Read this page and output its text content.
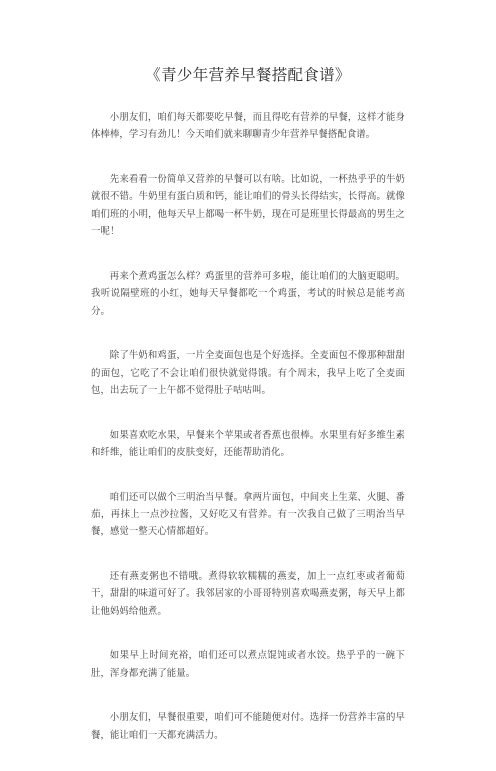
《青少年营养早餐搭配食谱》

小朋友们，咱们每天都要吃早餐，而且得吃有营养的早餐，这样才能身体棒棒，学习有劲儿！今天咱们就来聊聊青少年营养早餐搭配食谱。

先来看看一份简单又营养的早餐可以有啥。比如说，一杯热乎乎的牛奶就很不错。牛奶里有蛋白质和钙，能让咱们的骨头长得结实，长得高。就像咱们班的小明，他每天早上都喝一杯牛奶，现在可是班里长得最高的男生之一呢！

再来个煮鸡蛋怎么样？鸡蛋里的营养可多啦，能让咱们的大脑更聪明。我听说隔壁班的小红，她每天早餐都吃一个鸡蛋，考试的时候总是能考高分。

除了牛奶和鸡蛋，一片全麦面包也是个好选择。全麦面包不像那种甜甜的面包，它吃了不会让咱们很快就觉得饿。有个周末，我早上吃了全麦面包，出去玩了一上午都不觉得肚子咕咕叫。

如果喜欢吃水果，早餐来个苹果或者香蕉也很棒。水果里有好多维生素和纤维，能让咱们的皮肤变好，还能帮助消化。

咱们还可以做个三明治当早餐。拿两片面包，中间夹上生菜、火腿、番茄，再抹上一点沙拉酱，又好吃又有营养。有一次我自己做了三明治当早餐，感觉一整天心情都超好。

还有燕麦粥也不错哦。煮得软软糯糯的燕麦，加上一点红枣或者葡萄干，甜甜的味道可好了。我邻居家的小哥哥特别喜欢喝燕麦粥，每天早上都让他妈妈给他煮。

如果早上时间充裕，咱们还可以煮点馄饨或者水饺。热乎乎的一碗下肚，浑身都充满了能量。

小朋友们，早餐很重要，咱们可不能随便对付。选择一份营养丰富的早餐，能让咱们一天都充满活力。
